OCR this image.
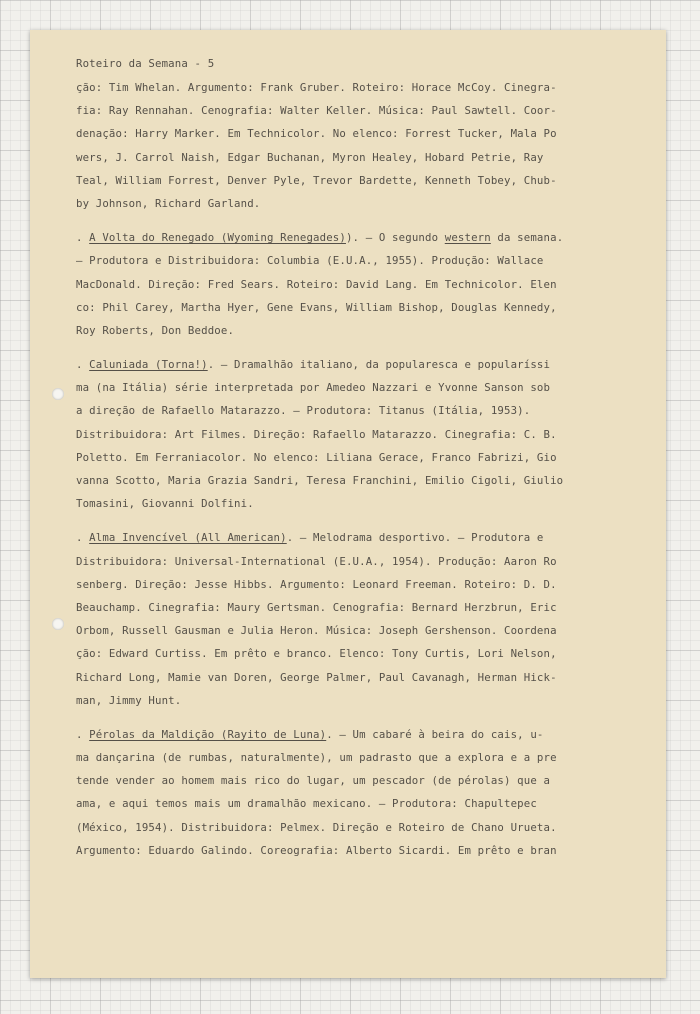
Roteiro da Semana - 5
ção: Tim Whelan. Argumento: Frank Gruber. Roteiro: Horace McCoy. Cinegra-
fia: Ray Rennahan. Cenografia: Walter Keller. Música: Paul Sawtell. Coor-
denação: Harry Marker. Em Technicolor. No elenco: Forrest Tucker, Mala Po
wers, J. Carrol Naish, Edgar Buchanan, Myron Healey, Hobard Petrie, Ray
Teal, William Forrest, Denver Pyle, Trevor Bardette, Kenneth Tobey, Chub-
by Johnson, Richard Garland.
. A Volta do Renegado (Wyoming Renegades)). — O segundo western da semana.
— Produtora e Distribuidora: Columbia (E.U.A., 1955). Produção: Wallace
MacDonald. Direção: Fred Sears. Roteiro: David Lang. Em Technicolor. Elen
co: Phil Carey, Martha Hyer, Gene Evans, William Bishop, Douglas Kennedy,
Roy Roberts, Don Beddoe.
. Caluniada (Torna!). — Dramalhão italiano, da popularesca e popularíssi
ma (na Itália) série interpretada por Amedeo Nazzari e Yvonne Sanson sob
a direção de Rafaello Matarazzo. — Produtora: Titanus (Itália, 1953).
Distribuidora: Art Filmes. Direção: Rafaello Matarazzo. Cinegrafia: C. B.
Poletto. Em Ferraniacolor. No elenco: Liliana Gerace, Franco Fabrizi, Gio
vanna Scotto, Maria Grazia Sandri, Teresa Franchini, Emilio Cigoli, Giulio
Tomasini, Giovanni Dolfini.
. Alma Invencível (All American). — Melodrama desportivo. — Produtora e
Distribuidora: Universal-International (E.U.A., 1954). Produção: Aaron Ro
senberg. Direção: Jesse Hibbs. Argumento: Leonard Freeman. Roteiro: D. D.
Beauchamp. Cinegrafia: Maury Gertsman. Cenografia: Bernard Herzbrun, Eric
Orbom, Russell Gausman e Julia Heron. Música: Joseph Gershenson. Coordena
ção: Edward Curtiss. Em prêto e branco. Elenco: Tony Curtis, Lori Nelson,
Richard Long, Mamie van Doren, George Palmer, Paul Cavanagh, Herman Hick-
man, Jimmy Hunt.
. Pérolas da Maldição (Rayito de Luna). — Um cabaré à beira do cais, u-
ma dançarina (de rumbas, naturalmente), um padrasto que a explora e a pre
tende vender ao homem mais rico do lugar, um pescador (de pérolas) que a
ama, e aqui temos mais um dramalhão mexicano. — Produtora: Chapultepec
(México, 1954). Distribuidora: Pelmex. Direção e Roteiro de Chano Urueta.
Argumento: Eduardo Galindo. Coreografia: Alberto Sicardi. Em prêto e bran
